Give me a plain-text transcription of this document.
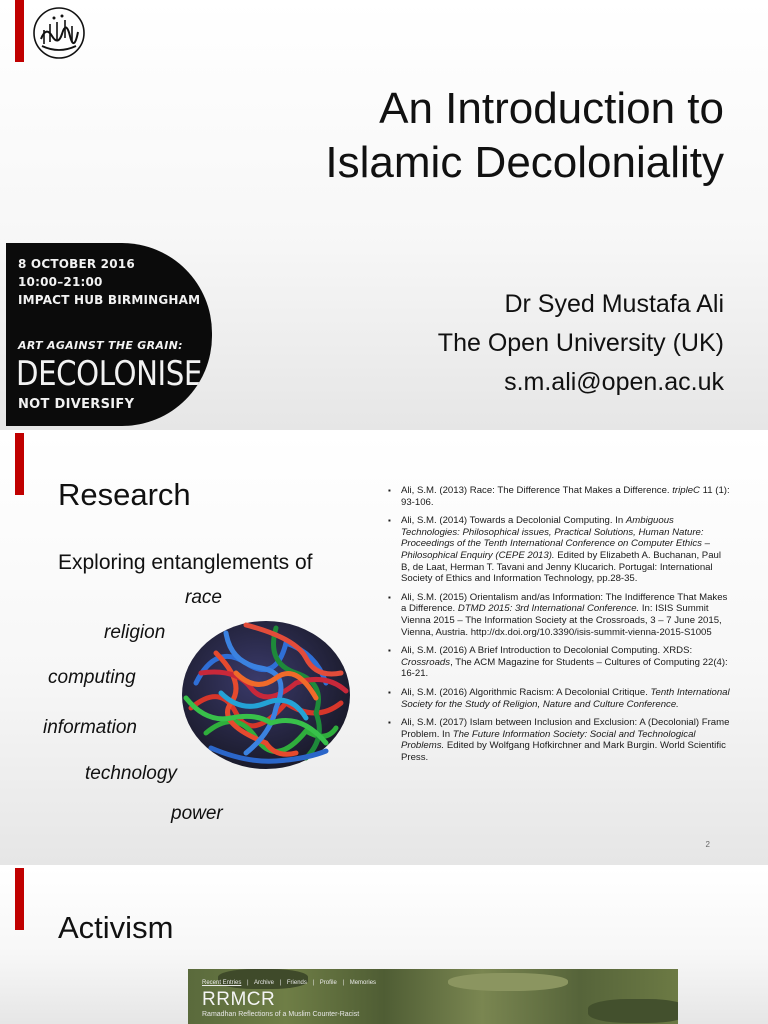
An Introduction to
Islamic Decoloniality
8 OCTOBER 2016
10:00–21:00
IMPACT HUB BIRMINGHAM
ART AGAINST THE GRAIN:
DECOLONISE
NOT DIVERSIFY
Dr Syed Mustafa Ali
The Open University (UK)
s.m.ali@open.ac.uk
Research
Exploring entanglements of
race
religion
computing
information
technology
power
▪ Ali, S.M. (2013) Race: The Difference That Makes a Difference. tripleC 11 (1): 93-106.
▪ Ali, S.M. (2014) Towards a Decolonial Computing. In Ambiguous Technologies: Philosophical issues, Practical Solutions, Human Nature: Proceedings of the Tenth International Conference on Computer Ethics –Philosophical Enquiry (CEPE 2013). Edited by Elizabeth A. Buchanan, Paul B, de Laat, Herman T. Tavani and Jenny Klucarich. Portugal: International Society of Ethics and Information Technology, pp.28-35.
▪ Ali, S.M. (2015) Orientalism and/as Information: The Indifference That Makes a Difference. DTMD 2015: 3rd International Conference. In: ISIS Summit Vienna 2015 – The Information Society at the Crossroads, 3 – 7 June 2015, Vienna, Austria. http://dx.doi.org/10.3390/isis-summit-vienna-2015-S1005
▪ Ali, S.M. (2016) A Brief Introduction to Decolonial Computing. XRDS: Crossroads, The ACM Magazine for Students – Cultures of Computing 22(4): 16-21.
▪ Ali, S.M. (2016) Algorithmic Racism: A Decolonial Critique. Tenth International Society for the Study of Religion, Nature and Culture Conference.
▪ Ali, S.M. (2017) Islam between Inclusion and Exclusion: A (Decolonial) Frame Problem. In The Future Information Society: Social and Technological Problems. Edited by Wolfgang Hofkirchner and Mark Burgin. World Scientific Press.
2
Activism
Recent Entries | Archive | Friends | Profile | Memories
RRMCR
Ramadhan Reflections of a Muslim Counter-Racist
